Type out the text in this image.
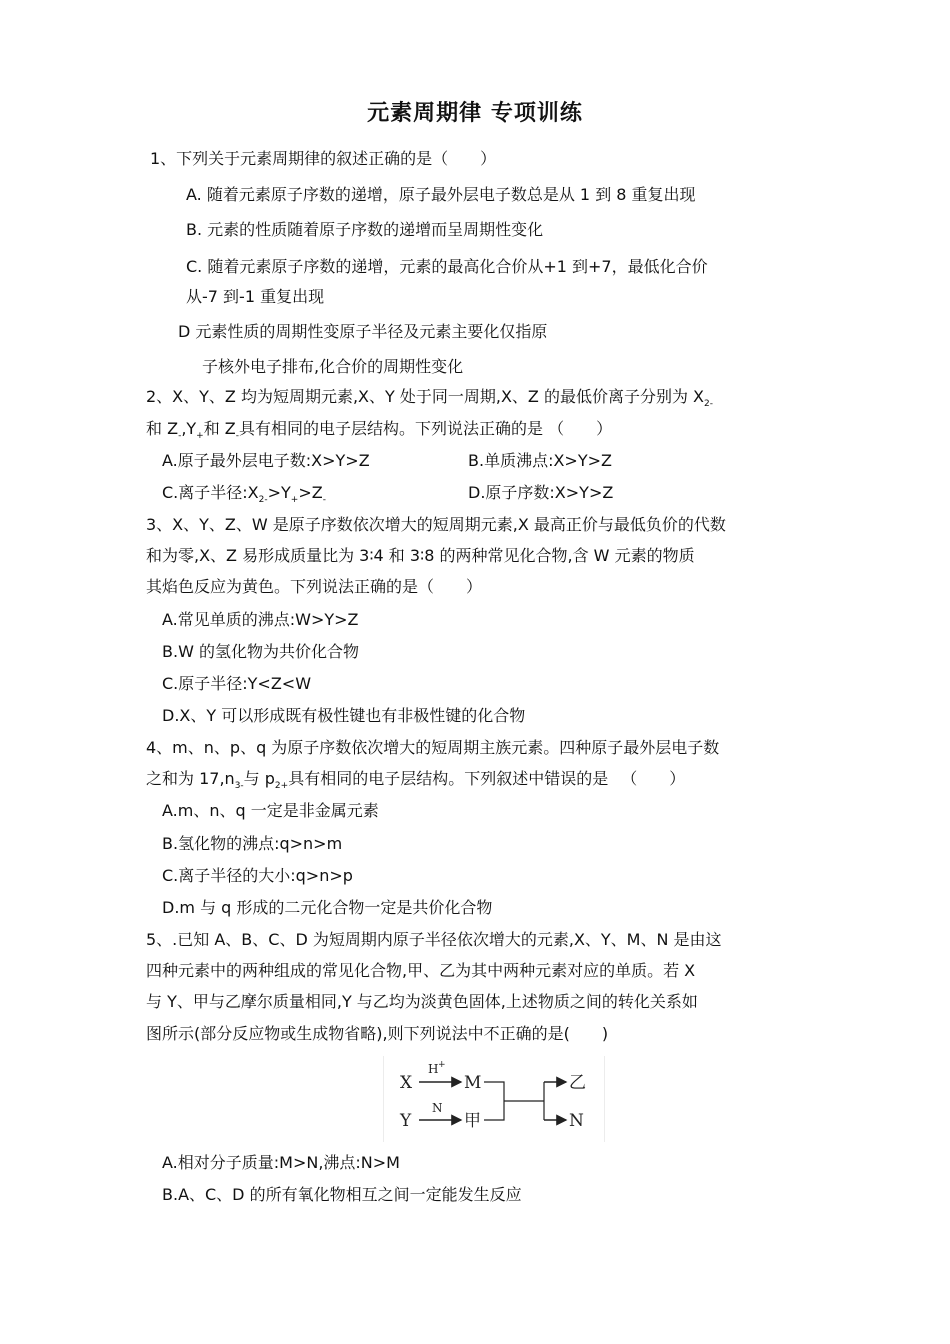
元素周期律 专项训练
1、下列关于元素周期律的叙述正确的是（　　）
A. 随着元素原子序数的递增，原子最外层电子数总是从 1 到 8 重复出现
B. 元素的性质随着原子序数的递增而呈周期性变化
C. 随着元素原子序数的递增，元素的最高化合价从+1 到+7，最低化合价
从-7 到-1 重复出现
D 元素性质的周期性变原子半径及元素主要化仅指原
子核外电子排布,化合价的周期性变化
2、X、Y、Z 均为短周期元素,X、Y 处于同一周期,X、Z 的最低价离子分别为 $X_{2-}$
和 $Z_-,Y_+$和 $Z_-$具有相同的电子层结构。下列说法正确的是 （　　）
A.原子最外层电子数:X>Y>Z	B.单质沸点:X>Y>Z
C.离子半径$:X_{2-}>Y_+>Z_-$	D.原子序数:X>Y>Z
3、X、Y、Z、W 是原子序数依次增大的短周期元素,X 最高正价与最低负价的代数
和为零,X、Z 易形成质量比为 3∶4 和 3∶8 的两种常见化合物,含 W 元素的物质
其焰色反应为黄色。下列说法正确的是（　　）
A.常见单质的沸点:W>Y>Z
B.W 的氢化物为共价化合物
C.原子半径:Y<Z<W
D.X、Y 可以形成既有极性键也有非极性键的化合物
4、m、n、p、q 为原子序数依次增大的短周期主族元素。四种原子最外层电子数
之和为 $17,n_{3-}$与 $p_{2+}$具有相同的电子层结构。下列叙述中错误的是 　（　　）
A.m、n、q 一定是非金属元素
B.氢化物的沸点:q>n>m
C.离子半径的大小:q>n>p
D.m 与 q 形成的二元化合物一定是共价化合物
5、.已知 A、B、C、D 为短周期内原子半径依次增大的元素,X、Y、M、N 是由这
四种元素中的两种组成的常见化合物,甲、乙为其中两种元素对应的单质。若 X
与 Y、甲与乙摩尔质量相同,Y 与乙均为淡黄色固体,上述物质之间的转化关系如
图所示(部分反应物或生成物省略),则下列说法中不正确的是(　　)
X
H +
M
Y
N
甲
乙
N
A.相对分子质量:M>N,沸点:N>M
B.A、C、D 的所有氧化物相互之间一定能发生反应
